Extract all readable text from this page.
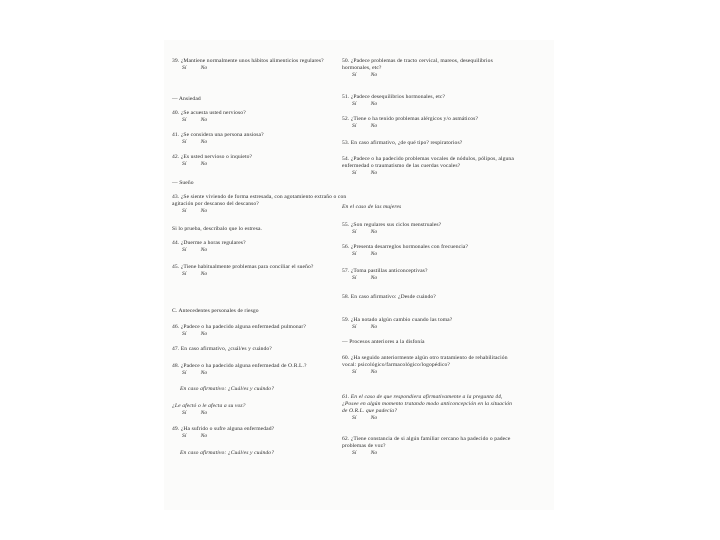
39. ¿Mantiene normalmente unos hábitos alimenticios regulares?
Sí	No
— Ansiedad
40. ¿Se acuesta usted nervioso?
Sí	No
41. ¿Se considera una persona ansiosa?
Sí	No
42. ¿Es usted nervioso o inquieto?
Sí	No
— Sueño
43. ¿Se siente viviendo de forma estresada, con agotamiento extraño o con agitación por descanso del descanso?
Sí	No
Si lo prueba, descríbalo que lo estresa.
44. ¿Duerme a horas regulares?
Sí	No
45. ¿Tiene habitualmente problemas para conciliar el sueño?
Sí	No
C. Antecedentes personales de riesgo
46. ¿Padece o ha padecido alguna enfermedad pulmonar?
Sí	No
47. En caso afirmativo, ¿cuál/es y cuándo?
48. ¿Padece o ha padecido alguna enfermedad de O.R.L.?
Sí	No
En caso afirmativo: ¿Cuál/es y cuándo?
¿Le afectó o le afecta a su voz?
Sí	No
49. ¿Ha sufrido o sufre alguna enfermedad?
Sí	No
En caso afirmativo: ¿Cuál/es y cuándo?
50. ¿Padece problemas de tracto cervical, mareos, desequilibrios hormonales, etc?
Sí	No
51. ¿Padece desequilibrios hormonales, etc?
Sí	No
52. ¿Tiene o ha tenido problemas alérgicos y/o asmáticos?
Sí	No
53. En caso afirmativo, ¿de qué tipo? respiratorios?
54. ¿Padece o ha padecido problemas vocales de nódulos, pólipos, alguna enfermedad o traumatismo de las cuerdas vocales?
Sí	No
En el caso de las mujeres
55. ¿Son regulares sus ciclos menstruales?
Sí	No
56. ¿Presenta desarreglos hormonales con frecuencia?
Sí	No
57. ¿Toma pastillas anticonceptivas?
Sí	No
58. En caso afirmativo: ¿Desde cuándo?
59. ¿Ha notado algún cambio cuando las toma?
Sí	No
— Procesos anteriores a la disfonía
60. ¿Ha seguido anteriormente algún otro tratamiento de rehabilitación vocal: psicológico/farmacológico/logopédico?
Sí	No
61. En el caso de que respondiera afirmativamente a la pregunta 44, ¿Posee en algún momento tratando modo anticoncepción en la situación de O.R.L. que padecía?
Sí	No
62. ¿Tiene constancia de si algún familiar cercano ha padecido o padece problemas de voz?
Sí	No
